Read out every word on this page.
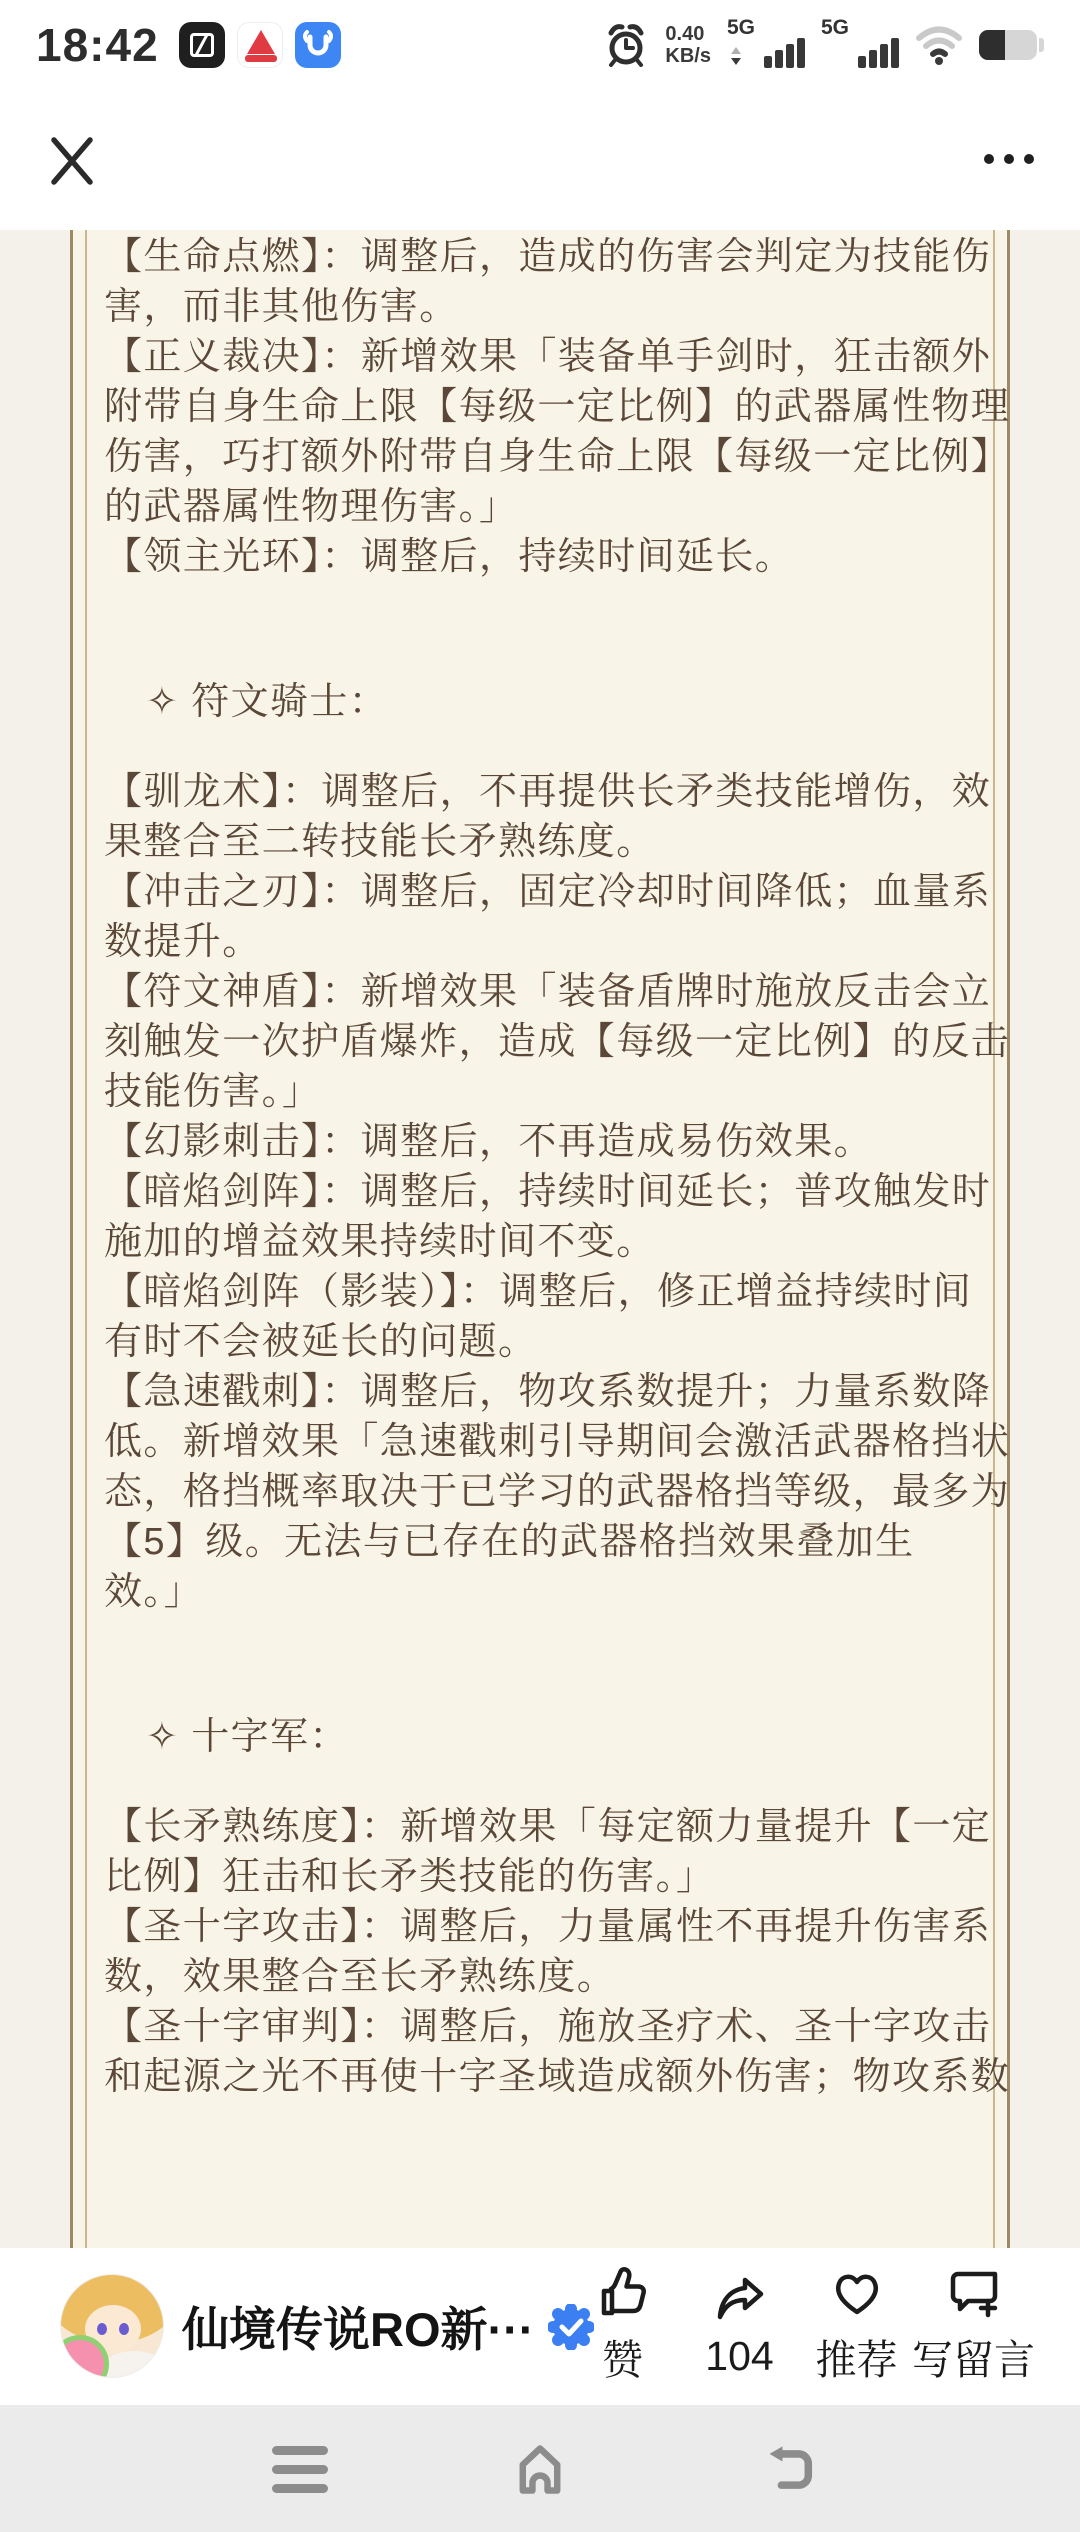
18:42	0.40
KB/s
5G	5G
【生命点燃】：调整后，造成的伤害会判定为技能伤
害，而非其他伤害。
【正义裁决】：新增效果「装备单手剑时，狂击额外
附带自身生命上限【每级一定比例】的武器属性物理
伤害，巧打额外附带自身生命上限【每级一定比例】
的武器属性物理伤害。」
【领主光环】：调整后，持续时间延长。
✧ 符文骑士：
【驯龙术】：调整后，不再提供长矛类技能增伤，效
果整合至二转技能长矛熟练度。
【冲击之刃】：调整后，固定冷却时间降低；血量系
数提升。
【符文神盾】：新增效果「装备盾牌时施放反击会立
刻触发一次护盾爆炸，造成【每级一定比例】的反击
技能伤害。」
【幻影刺击】：调整后，不再造成易伤效果。
【暗焰剑阵】：调整后，持续时间延长；普攻触发时
施加的增益效果持续时间不变。
【暗焰剑阵（影装）】：调整后，修正增益持续时间
有时不会被延长的问题。
【急速戳刺】：调整后，物攻系数提升；力量系数降
低。新增效果「急速戳刺引导期间会激活武器格挡状
态，格挡概率取决于已学习的武器格挡等级，最多为
【5】级。无法与已存在的武器格挡效果叠加生
效。」
✧ 十字军：
【长矛熟练度】：新增效果「每定额力量提升【一定
比例】狂击和长矛类技能的伤害。」
【圣十字攻击】：调整后，力量属性不再提升伤害系
数，效果整合至长矛熟练度。
【圣十字审判】：调整后，施放圣疗术、圣十字攻击
和起源之光不再使十字圣域造成额外伤害；物攻系数
仙境传说RO新···
赞 104 推荐 写留言
